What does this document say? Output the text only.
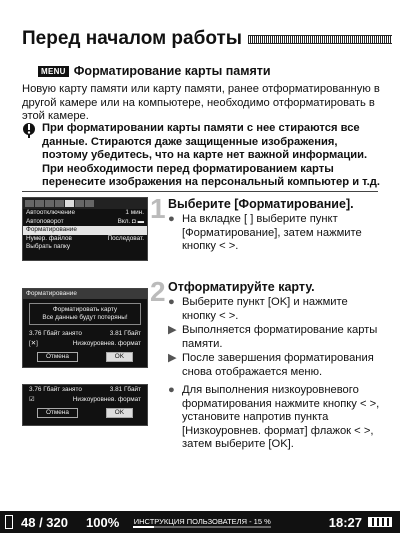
Перед началом работы
MENU Форматирование карты памяти
Новую карту памяти или карту памяти, ранее отформатированную в другой камере или на компьютере, необходимо отформатировать в этой камере.
При форматировании карты памяти с нее стираются все данные. Стираются даже защищенные изображения, поэтому убедитесь, что на карте нет важной информации. При необходимости перед форматированием карты перенесите изображения на персональный компьютер и т.д.
Автоотключение	1 мин.
Автоповорот	Вкл. ◘ ▬
Форматирование
Нумер. файлов	Последоват.
Выбрать папку
Форматирование
Форматировать карту
Все данные будут потеряны!
3.76 Гбайт занято	3.81 Гбайт
[✕]	Низкоуровнев. формат
Отмена	OK
3.76 Гбайт занято	3.81 Гбайт
☑	Низкоуровнев. формат
Отмена	OK
1 Выберите [Форматирование].
● На вкладке [ ] выберите пункт [Форматирование], затем нажмите кнопку < >.
2 Отформатируйте карту.
● Выберите пункт [OK] и нажмите кнопку < >.
▶ Выполняется форматирование карты памяти.
▶ После завершения форматирования снова отображается меню.
● Для выполнения низкоуровневого форматирования нажмите кнопку < >, установите напротив пункта [Низкоуровнев. формат] флажок < >, затем выберите [OK].
48 / 320 100% ИНСТРУКЦИЯ ПОЛЬЗОВАТЕЛЯ - 15 %	18:27
